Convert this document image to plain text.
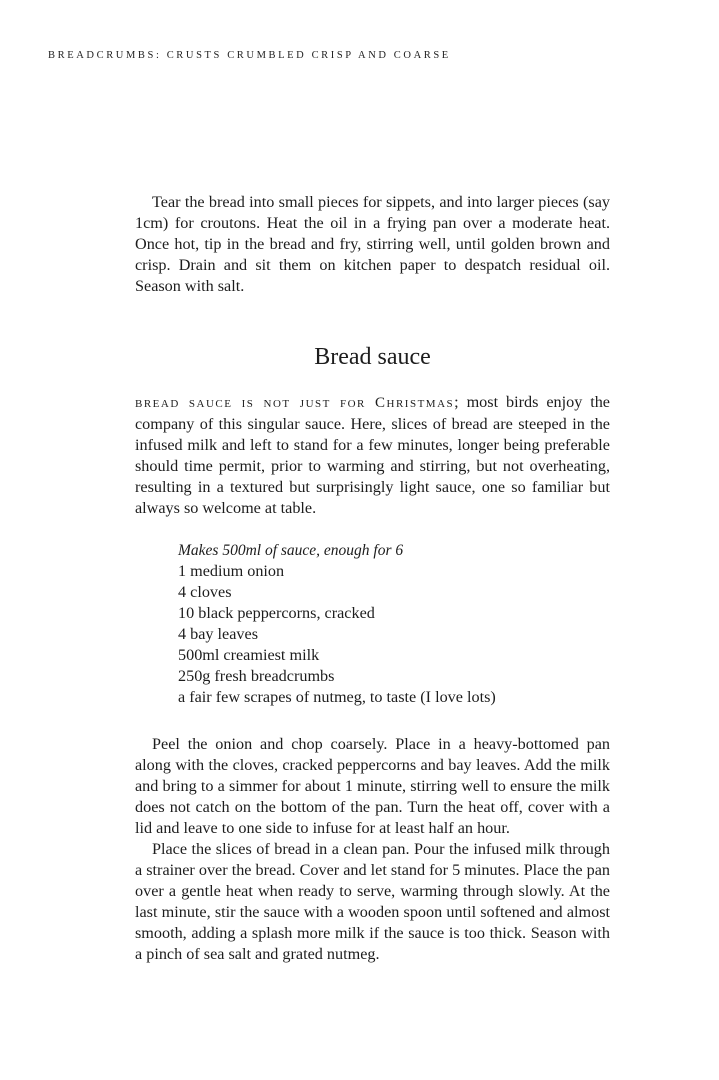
BREADCRUMBS: CRUSTS CRUMBLED CRISP AND COARSE

Tear the bread into small pieces for sippets, and into larger pieces (say 1cm) for croutons. Heat the oil in a frying pan over a moderate heat. Once hot, tip in the bread and fry, stirring well, until golden brown and crisp. Drain and sit them on kitchen paper to despatch residual oil. Season with salt.

Bread sauce

bread sauce is not just for Christmas; most birds enjoy the company of this singular sauce. Here, slices of bread are steeped in the infused milk and left to stand for a few minutes, longer being preferable should time permit, prior to warming and stirring, but not overheating, resulting in a textured but surprisingly light sauce, one so familiar but always so welcome at table.

Makes 500ml of sauce, enough for 6
1 medium onion
4 cloves
10 black peppercorns, cracked
4 bay leaves
500ml creamiest milk
250g fresh breadcrumbs
a fair few scrapes of nutmeg, to taste (I love lots)

Peel the onion and chop coarsely. Place in a heavy-bottomed pan along with the cloves, cracked peppercorns and bay leaves. Add the milk and bring to a simmer for about 1 minute, stirring well to ensure the milk does not catch on the bottom of the pan. Turn the heat off, cover with a lid and leave to one side to infuse for at least half an hour.

Place the slices of bread in a clean pan. Pour the infused milk through a strainer over the bread. Cover and let stand for 5 minutes. Place the pan over a gentle heat when ready to serve, warming through slowly. At the last minute, stir the sauce with a wooden spoon until softened and almost smooth, adding a splash more milk if the sauce is too thick. Season with a pinch of sea salt and grated nutmeg.
